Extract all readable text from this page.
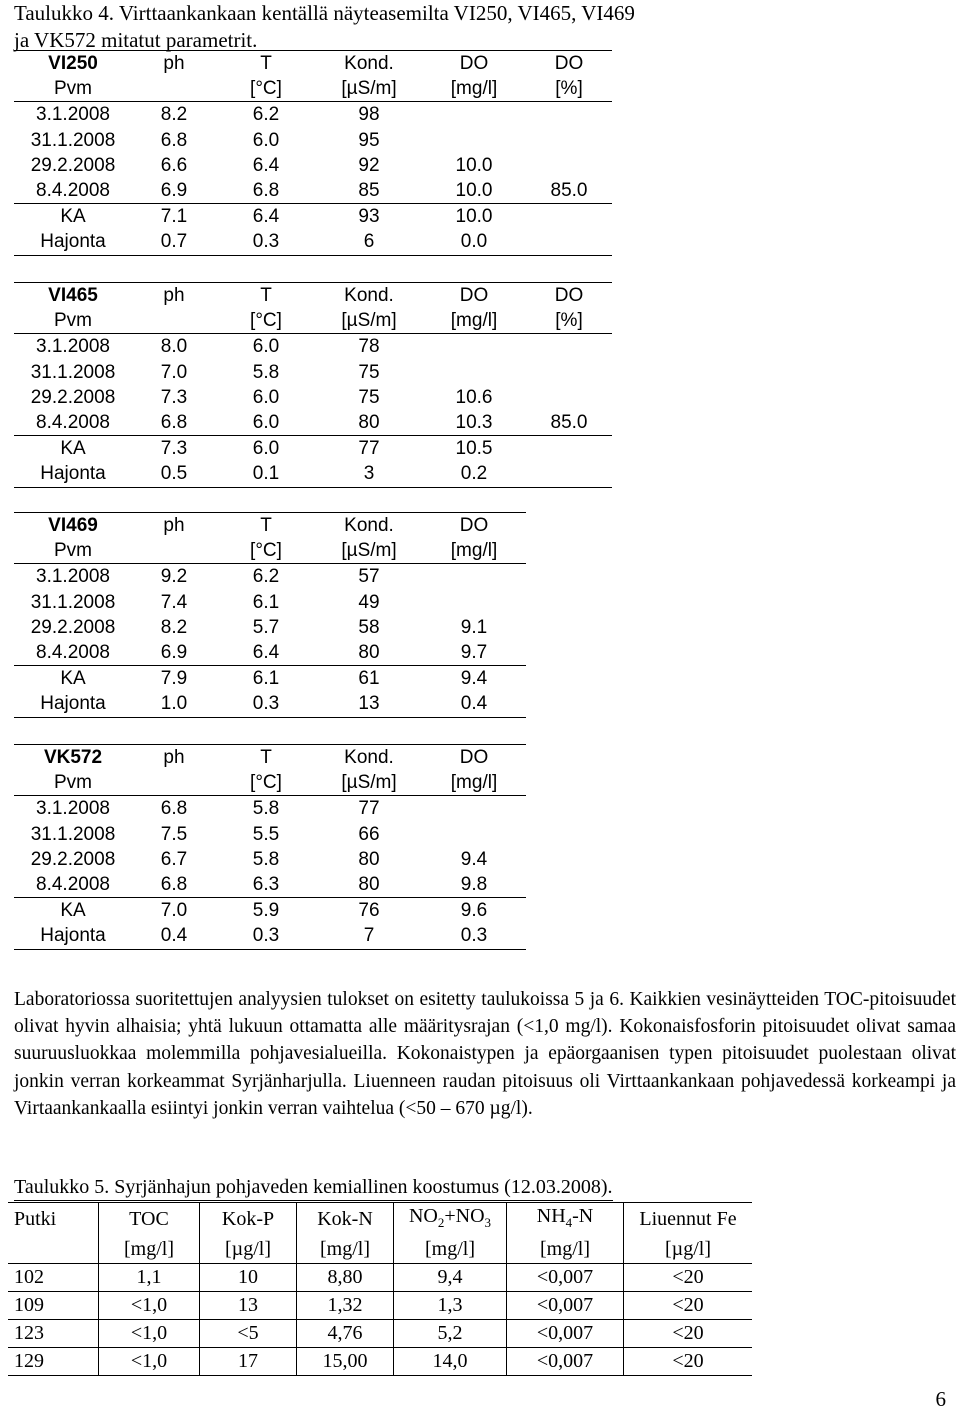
Taulukko 4. Virttaankankaan kentällä näyteasemilta VI250, VI465, VI469 ja VK572 mitatut parametrit.
VI250	ph	T	Kond.	DO	DO
Pvm		[°C]	[µS/m]	[mg/l]	[%]
3.1.2008	8.2	6.2	98		
31.1.2008	6.8	6.0	95		
29.2.2008	6.6	6.4	92	10.0	
8.4.2008	6.9	6.8	85	10.0	85.0
KA	7.1	6.4	93	10.0	
Hajonta	0.7	0.3	6	0.0	
VI465	ph	T	Kond.	DO	DO
Pvm		[°C]	[µS/m]	[mg/l]	[%]
3.1.2008	8.0	6.0	78		
31.1.2008	7.0	5.8	75		
29.2.2008	7.3	6.0	75	10.6	
8.4.2008	6.8	6.0	80	10.3	85.0
KA	7.3	6.0	77	10.5	
Hajonta	0.5	0.1	3	0.2	
VI469	ph	T	Kond.	DO
Pvm		[°C]	[µS/m]	[mg/l]
3.1.2008	9.2	6.2	57	
31.1.2008	7.4	6.1	49	
29.2.2008	8.2	5.7	58	9.1
8.4.2008	6.9	6.4	80	9.7
KA	7.9	6.1	61	9.4
Hajonta	1.0	0.3	13	0.4
VK572	ph	T	Kond.	DO
Pvm		[°C]	[µS/m]	[mg/l]
3.1.2008	6.8	5.8	77	
31.1.2008	7.5	5.5	66	
29.2.2008	6.7	5.8	80	9.4
8.4.2008	6.8	6.3	80	9.8
KA	7.0	5.9	76	9.6
Hajonta	0.4	0.3	7	0.3

Laboratoriossa suoritettujen analyysien tulokset on esitetty taulukoissa 5 ja 6. Kaikkien vesinäytteiden TOC-pitoisuudet olivat hyvin alhaisia; yhtä lukuun ottamatta alle määritysrajan (<1,0 mg/l). Kokonaisfosforin pitoisuudet olivat samaa suuruusluokkaa molemmilla pohjavesialueilla. Kokonaistypen ja epäorgaanisen typen pitoisuudet puolestaan olivat jonkin verran korkeammat Syrjänharjulla. Liuenneen raudan pitoisuus oli Virttaankankaan pohjavedessä korkeampi ja Virtaankankaalla esiintyi jonkin verran vaihtelua (<50 – 670 µg/l).

Taulukko 5. Syrjänhajun pohjaveden kemiallinen koostumus (12.03.2008).
Putki	TOC	Kok-P	Kok-N	$NO_2+NO_3$	$NH_4-N$	Liuennut Fe
	[mg/l]	[µg/l]	[mg/l]	[mg/l]	[mg/l]	[µg/l]
102	1,1	10	8,80	9,4	<0,007	<20
109	<1,0	13	1,32	1,3	<0,007	<20
123	<1,0	<5	4,76	5,2	<0,007	<20
129	<1,0	17	15,00	14,0	<0,007	<20
6
